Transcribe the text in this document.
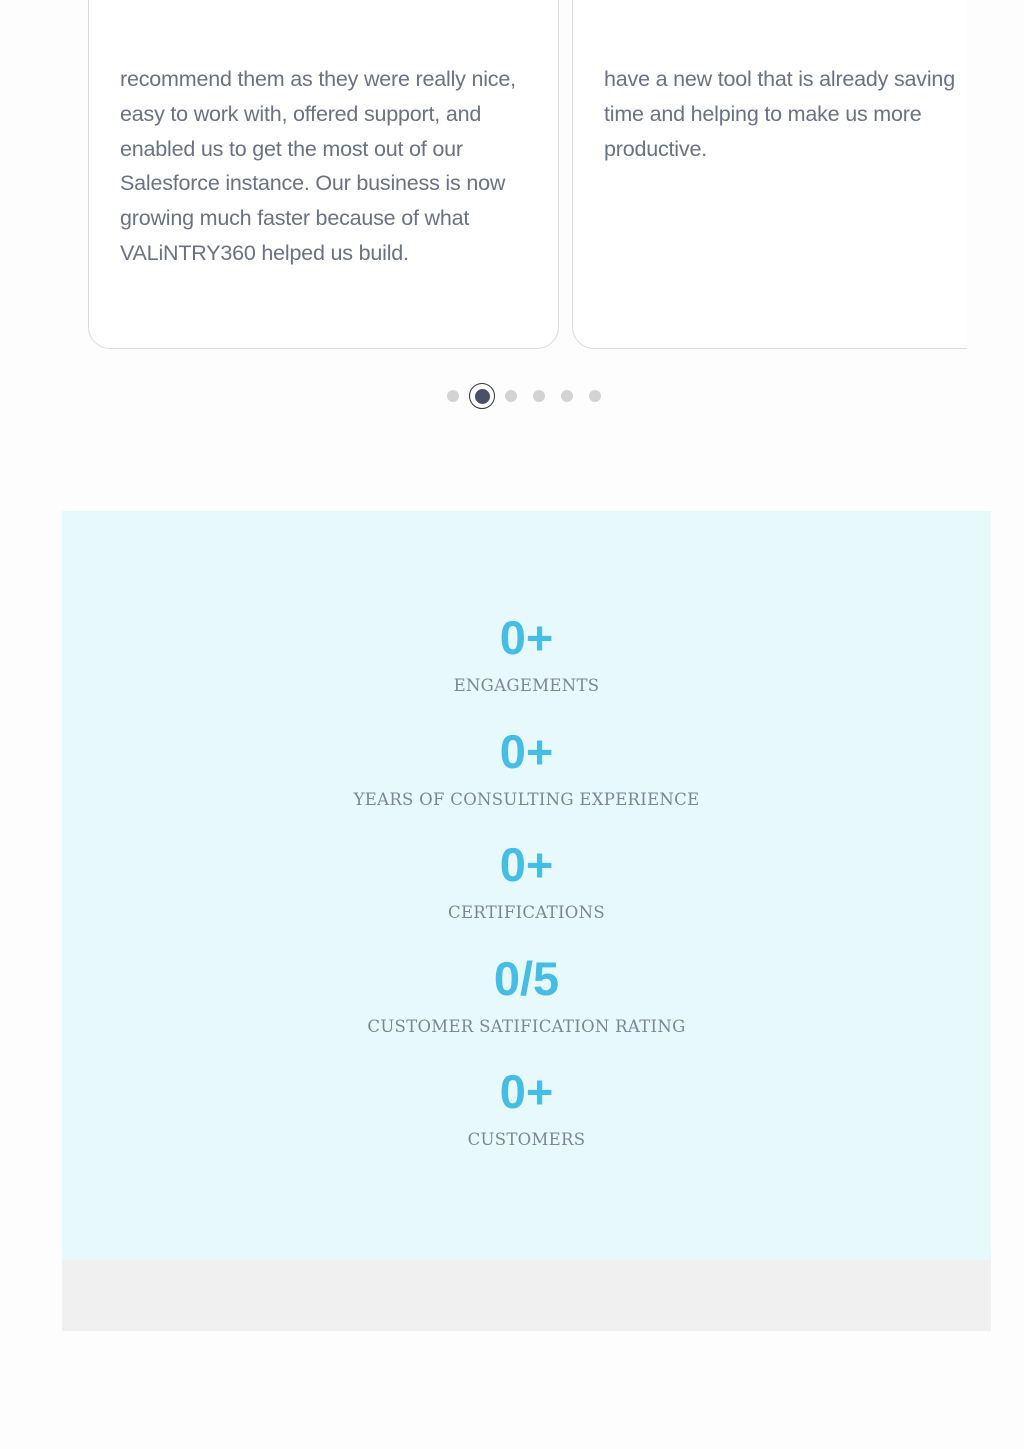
recommend them as they were really nice,
easy to work with, offered support, and
enabled us to get the most out of our
Salesforce instance. Our business is now
growing much faster because of what
VALiNTRY360 helped us build.

have a new tool that is already saving
time and helping to make us more
productive.

0+
ENGAGEMENTS
0+
YEARS OF CONSULTING EXPERIENCE
0+
CERTIFICATIONS
0/5
CUSTOMER SATIFICATION RATING
0+
CUSTOMERS
